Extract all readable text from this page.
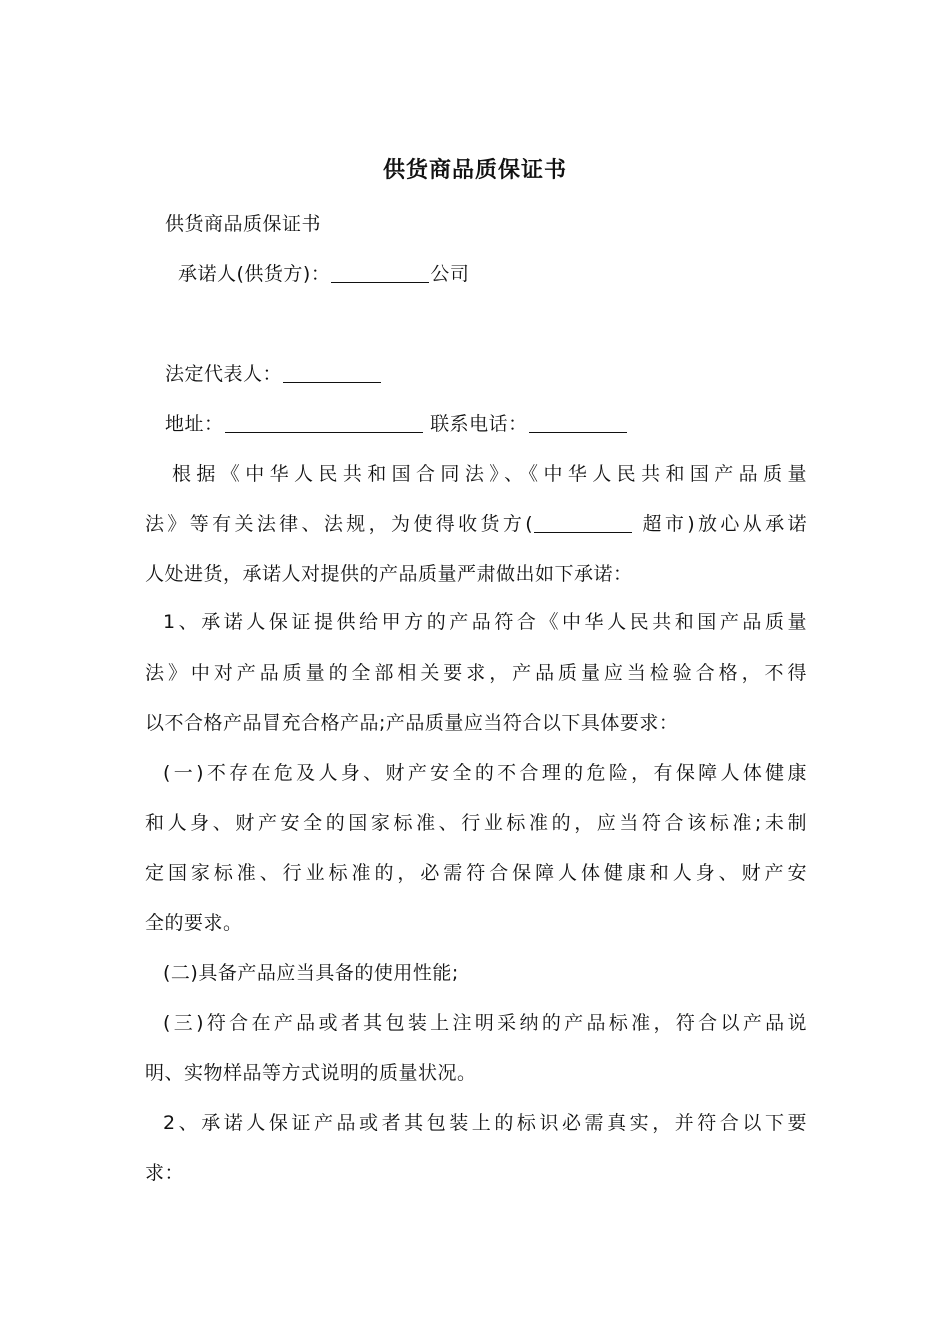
供货商品质保证书
供货商品质保证书
承诺人(供货方)：	公司
法定代表人：
地址：	联系电话：
根据《中华人民共和国合同法》、《中华人民共和国产品质量
法》等有关法律、法规，为使得收货方(	超市)放心从承诺
人处进货，承诺人对提供的产品质量严肃做出如下承诺：
1、承诺人保证提供给甲方的产品符合《中华人民共和国产品质量
法》中对产品质量的全部相关要求，产品质量应当检验合格，不得
以不合格产品冒充合格产品;产品质量应当符合以下具体要求：
(一)不存在危及人身、财产安全的不合理的危险，有保障人体健康
和人身、财产安全的国家标准、行业标准的，应当符合该标准;未制
定国家标准、行业标准的，必需符合保障人体健康和人身、财产安
全的要求。
(二)具备产品应当具备的使用性能;
(三)符合在产品或者其包装上注明采纳的产品标准，符合以产品说
明、实物样品等方式说明的质量状况。
2、承诺人保证产品或者其包装上的标识必需真实，并符合以下要
求：
